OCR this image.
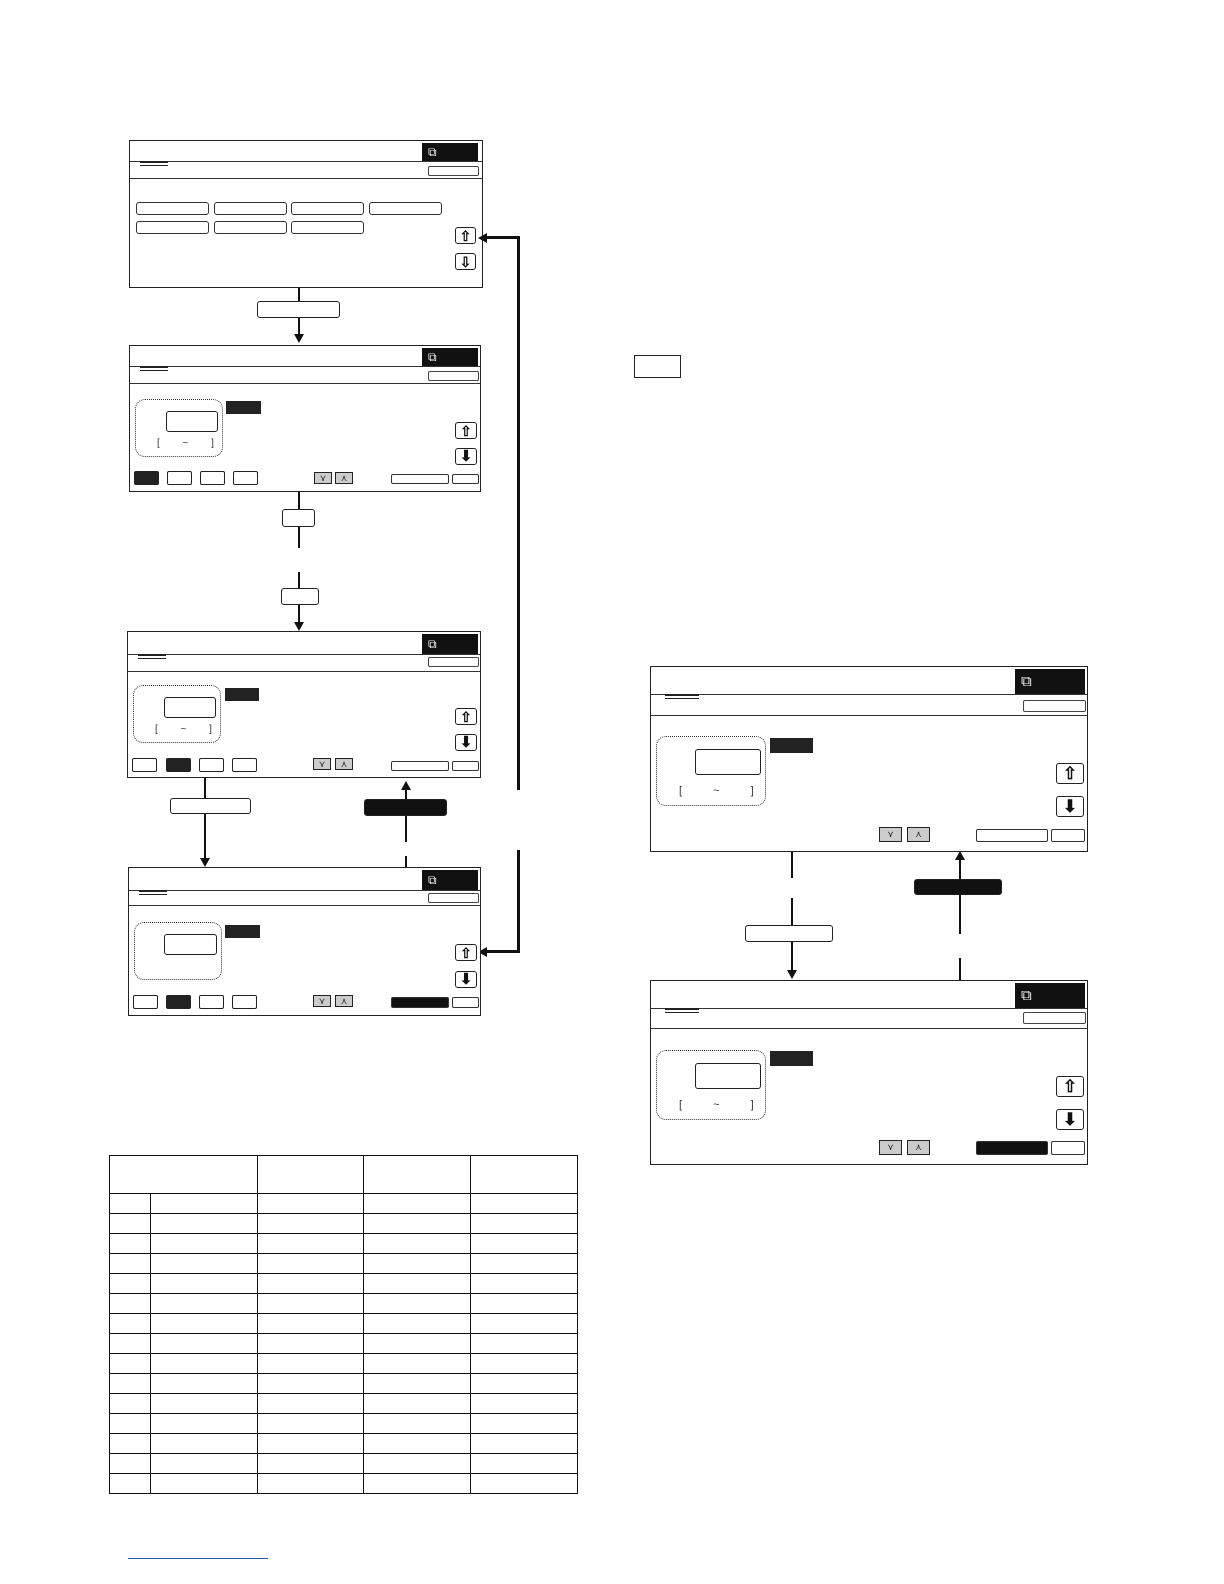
⧉
⇧
⇩
⧉
[ ~ ]
⇧
⬇
⋎	⋏
⧉
[ ~ ]
⇧
⬇
⋎	⋏
⧉
⇧
⬇
⋎	⋏

⧉
[ ~ ]
⇧
⬇
⋎	⋏
⧉
[ ~ ]
⇧
⬇
⋎	⋏
